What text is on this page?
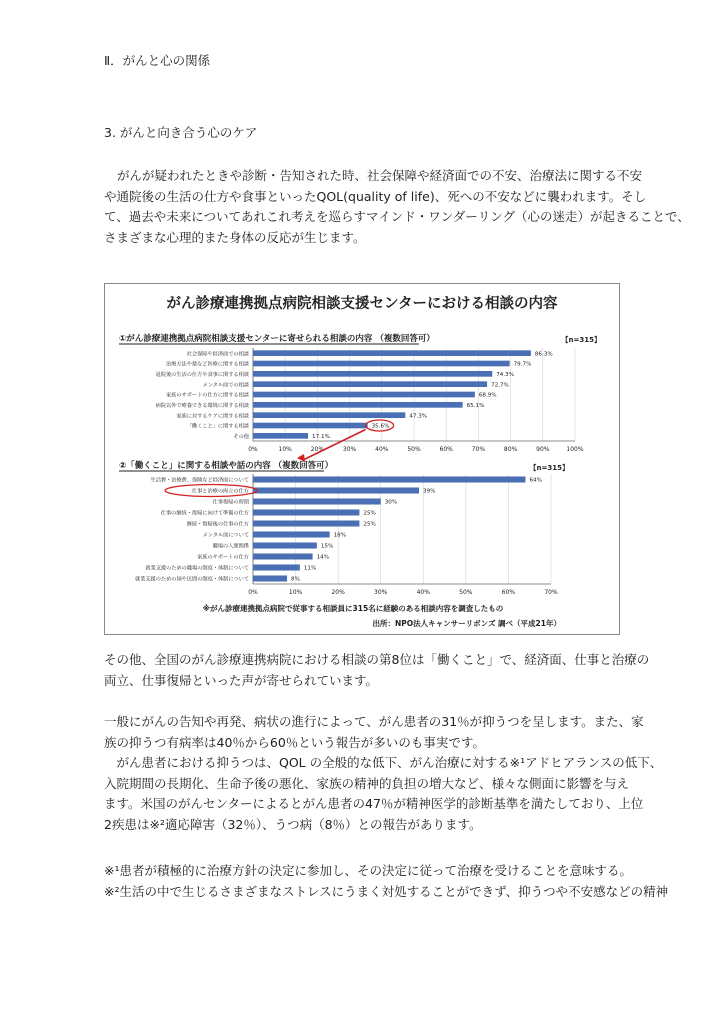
Ⅱ．がんと心の関係
3. がんと向き合う心のケア
がんが疑われたときや診断・告知された時、社会保障や経済面での不安、治療法に関する不安
や通院後の生活の仕方や食事といったQOL(quality of life)、死への不安などに襲われます。そし
て、過去や未来についてあれこれ考えを巡らすマインド・ワンダーリング（心の迷走）が起きることで、
さまざまな心理的また身体の反応が生じます。
がん診療連携拠点病院相談支援センターにおける相談の内容
①がん診療連携拠点病院相談支援センターに寄せられる相談の内容 （複数回答可）	【n=315】
0%	10%	20%	30%	40%	50%	60%	70%	80%	90%	100%
社会保障や経済面での相談	86.3%
治療方法や薬など医療に関する相談	79.7%
退院後の生活の仕方や食事に関する相談	74.3%
メンタル面での相談	72.7%
家族のサポートの仕方に関する相談	68.9%
病院以外で療養できる環境に関する相談	65.1%
家族に対するケアに関する相談	47.3%
「働くこと」に関する相談	35.6%
その他	17.1%
②「働くこと」に関する相談や話の内容 （複数回答可）	【n=315】
0%	10%	20%	30%	40%	50%	60%	70%
生活費・治療費、保険など経済面について	64%
仕事と治療の両立の仕方	39%
仕事復帰の時期	30%
仕事の継続・復帰に向けて準備の仕方	25%
継続・復帰後の仕事の仕方	25%
メンタル面について	18%
職場の人間関係	15%
家族のサポートの仕方	14%
就業支援のための職場の制度・体制について	11%
就業支援のための国や民間の制度・体制について	8%
※がん診療連携拠点病院で従事する相談員に315名に経験のある相談内容を調査したもの
出所：NPO法人キャンサーリボンズ 調べ（平成21年）
その他、全国のがん診療連携病院における相談の第8位は「働くこと」で、経済面、仕事と治療の
両立、仕事復帰といった声が寄せられています。
一般にがんの告知や再発、病状の進行によって、がん患者の31％が抑うつを呈します。また、家
族の抑うつ有病率は40％から60％という報告が多いのも事実です。
　がん患者における抑うつは、QOL の全般的な低下、がん治療に対する※¹アドヒアランスの低下、
入院期間の長期化、生命予後の悪化、家族の精神的負担の増大など、様々な側面に影響を与え
ます。米国のがんセンターによるとがん患者の47％が精神医学的診断基準を満たしており、上位
2疾患は※²適応障害（32％）、うつ病（8％）との報告があります。
※¹患者が積極的に治療方針の決定に参加し、その決定に従って治療を受けることを意味する。
※²生活の中で生じるさまざまなストレスにうまく対処することができず、抑うつや不安感などの精神
